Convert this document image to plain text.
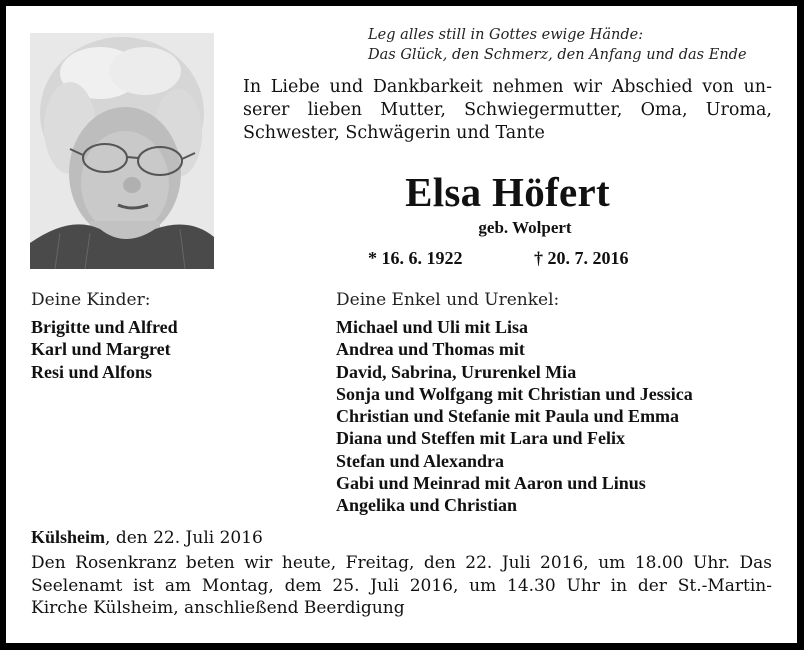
Leg alles still in Gottes ewige Hände:
Das Glück, den Schmerz, den Anfang und das Ende
In Liebe und Dankbarkeit nehmen wir Abschied von un-
serer lieben Mutter, Schwiegermutter, Oma, Uroma,
Schwester, Schwägerin und Tante
Elsa Höfert
geb. Wolpert
* 16. 6. 1922	† 20. 7. 2016
Deine Kinder:
Brigitte und Alfred
Karl und Margret
Resi und Alfons
Deine Enkel und Urenkel:
Michael und Uli mit Lisa
Andrea und Thomas mit
David, Sabrina, Ururenkel Mia
Sonja und Wolfgang mit Christian und Jessica
Christian und Stefanie mit Paula und Emma
Diana und Steffen mit Lara und Felix
Stefan und Alexandra
Gabi und Meinrad mit Aaron und Linus
Angelika und Christian
Külsheim, den 22. Juli 2016
Den Rosenkranz beten wir heute, Freitag, den 22. Juli 2016, um 18.00 Uhr. Das
Seelenamt ist am Montag, dem 25. Juli 2016, um 14.30 Uhr in der St.-Martin-
Kirche Külsheim, anschließend Beerdigung
